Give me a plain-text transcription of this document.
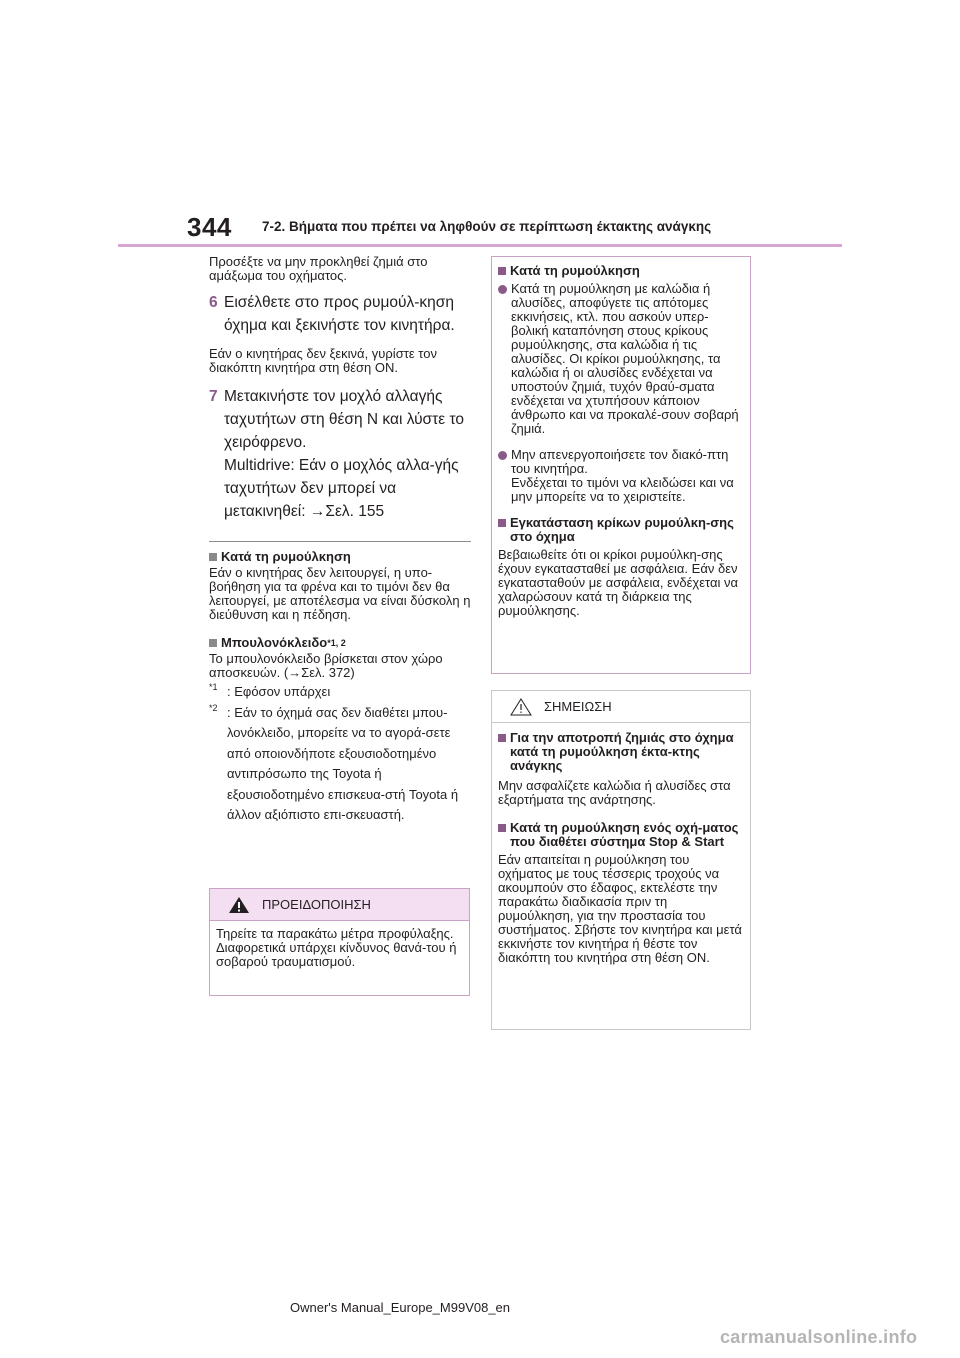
344 7-2. Βήματα που πρέπει να ληφθούν σε περίπτωση έκτακτης ανάγκης

Προσέξτε να μην προκληθεί ζημιά στο αμάξωμα του οχήματος.

6 Εισέλθετε στο προς ρυμούλ-κηση όχημα και ξεκινήστε τον κινητήρα.

Εάν ο κινητήρας δεν ξεκινά, γυρίστε τον διακόπτη κινητήρα στη θέση ON.

7 Μετακινήστε τον μοχλό αλλαγής ταχυτήτων στη θέση N και λύστε το χειρόφρενο.
Multidrive: Εάν ο μοχλός αλλα-γής ταχυτήτων δεν μπορεί να μετακινηθεί: →Σελ. 155
Κατά τη ρυμούλκηση

Εάν ο κινητήρας δεν λειτουργεί, η υπο-βοήθηση για τα φρένα και το τιμόνι δεν θα λειτουργεί, με αποτέλεσμα να είναι δύσκολη η διεύθυνση και η πέδηση.

Μπουλονόκλειδο *1, 2

Το μπουλονόκλειδο βρίσκεται στον χώρο αποσκευών. (→Σελ. 372)

$^{*1}$ : Εφόσον υπάρχει
$^{*2}$ : Εάν το όχημά σας δεν διαθέτει μπου-λονόκλειδο, μπορείτε να το αγορά-σετε από οποιονδήποτε εξουσιοδοτημένο αντιπρόσωπο της Toyota ή εξουσιοδοτημένο επισκευα-στή Toyota ή άλλον αξιόπιστο επι-σκευαστή.
ΠΡΟΕΙΔΟΠΟΙΗΣΗ

Τηρείτε τα παρακάτω μέτρα προφύλαξης.

Διαφορετικά υπάρχει κίνδυνος θανά-του ή σοβαρού τραυματισμού.

Κατά τη ρυμούλκηση
Κατά τη ρυμούλκηση με καλώδια ή αλυσίδες, αποφύγετε τις απότομες εκκινήσεις, κτλ. που ασκούν υπερ-βολική καταπόνηση στους κρίκους ρυμούλκησης, στα καλώδια ή τις αλυσίδες. Οι κρίκοι ρυμούλκησης, τα καλώδια ή οι αλυσίδες ενδέχεται να υποστούν ζημιά, τυχόν θραύ-σματα ενδέχεται να χτυπήσουν κάποιον άνθρωπο και να προκαλέ-σουν σοβαρή ζημιά.
Μην απενεργοποιήσετε τον διακό-πτη του κινητήρα.
Ενδέχεται το τιμόνι να κλειδώσει και να μην μπορείτε να το χειριστείτε.
Εγκατάσταση κρίκων ρυμούλκη-σης στο όχημα

Βεβαιωθείτε ότι οι κρίκοι ρυμούλκη-σης έχουν εγκατασταθεί με ασφάλεια. Εάν δεν εγκατασταθούν με ασφάλεια, ενδέχεται να χαλαρώσουν κατά τη διάρκεια της ρυμούλκησης.

ΣΗΜΕΙΩΣΗ
Για την αποτροπή ζημιάς στο όχημα κατά τη ρυμούλκηση έκτα-κτης ανάγκης

Μην ασφαλίζετε καλώδια ή αλυσίδες στα εξαρτήματα της ανάρτησης.

Κατά τη ρυμούλκηση ενός οχή-ματος που διαθέτει σύστημα Stop & Start

Εάν απαιτείται η ρυμούλκηση του οχήματος με τους τέσσερις τροχούς να ακουμπούν στο έδαφος, εκτελέστε την παρακάτω διαδικασία πριν τη ρυμούλκηση, για την προστασία του συστήματος. Σβήστε τον κινητήρα και μετά εκκινήστε τον κινητήρα ή θέστε τον διακόπτη του κινητήρα στη θέση ON.

Owner's Manual_Europe_M99V08_en
carmanualsonline.info
